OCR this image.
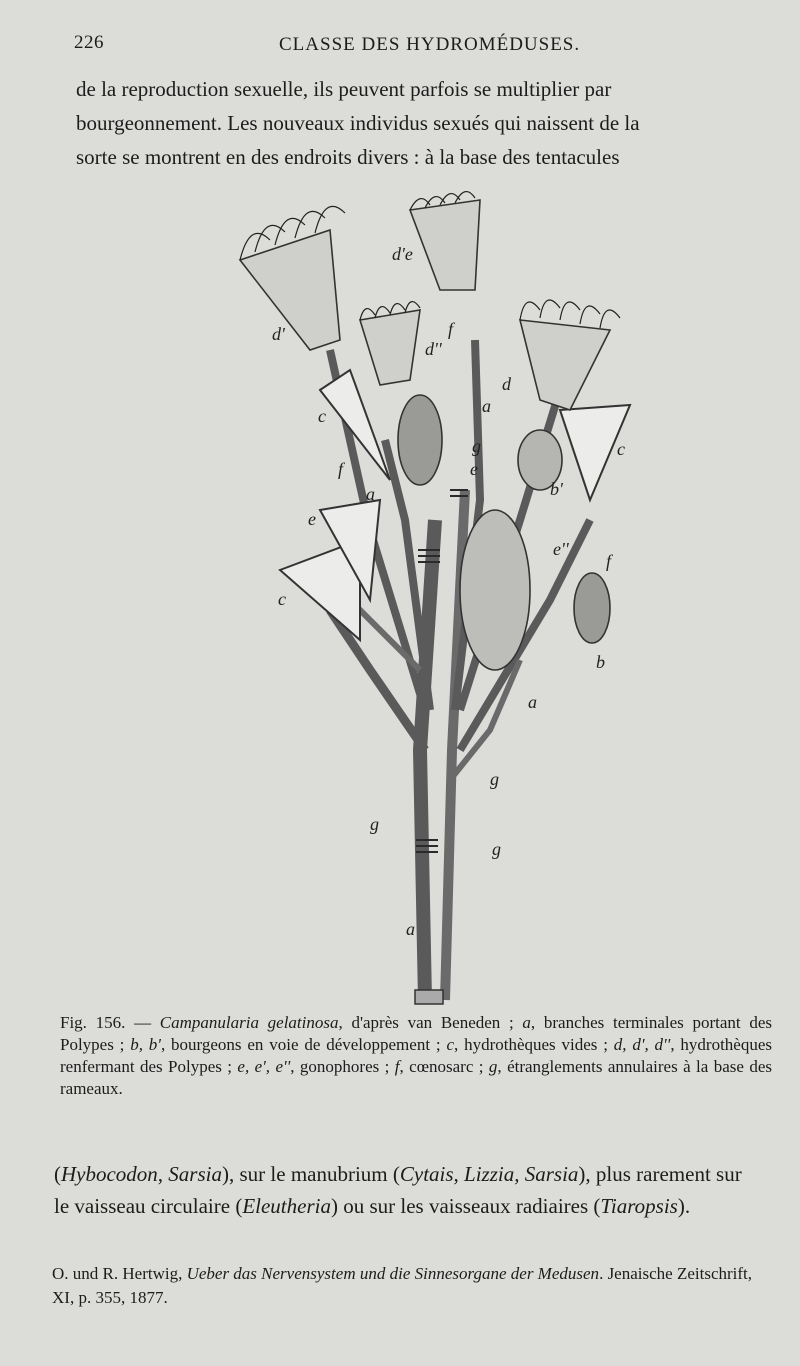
226	CLASSE DES HYDROMÉDUSES.

de la reproduction sexuelle, ils peuvent parfois se multiplier par

bourgeonnement. Les nouveaux individus sexués qui naissent de la

sorte se montrent en des endroits divers : à la base des tentacules

d'
d'e
f
d''
d
c	a
g	c
e
b'
f
a
e
e''
f
c
b
a
g
g
g
a

Fig. 156. — Campanularia gelatinosa, d'après van Beneden ; a, branches terminales portant des Polypes ; b, b', bourgeons en voie de développement ; c, hydrothèques vides ; d, d', d'', hydrothèques renfermant des Polypes ; e, e', e'', gonophores ; f, cœnosarc ; g, étranglements annulaires à la base des rameaux.

(Hybocodon, Sarsia), sur le manubrium (Cytais, Lizzia, Sarsia), plus rarement sur le vaisseau circulaire (Eleutheria) ou sur les vaisseaux radiaires (Tiaropsis).

O. und R. Hertwig, Ueber das Nervensystem und die Sinnesorgane der Medusen. Jenaische Zeitschrift, XI, p. 355, 1877.
